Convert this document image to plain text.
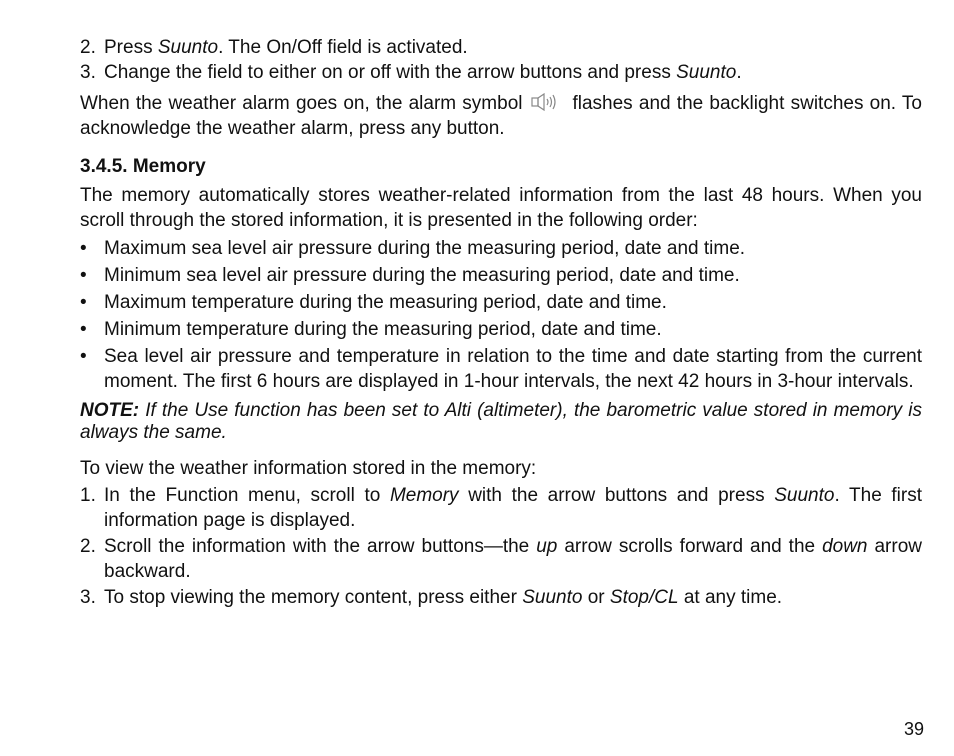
2. Press Suunto. The On/Off field is activated.
3. Change the field to either on or off with the arrow buttons and press Suunto.

When the weather alarm goes on, the alarm symbol	flashes and the backlight switches on. To acknowledge the weather alarm, press any button.

3.4.5. Memory

The memory automatically stores weather-related information from the last 48 hours. When you scroll through the stored information, it is presented in the following order:

• Maximum sea level air pressure during the measuring period, date and time.
• Minimum sea level air pressure during the measuring period, date and time.
• Maximum temperature during the measuring period, date and time.
• Minimum temperature during the measuring period, date and time.
• Sea level air pressure and temperature in relation to the time and date starting from the current moment. The first 6 hours are displayed in 1-hour intervals, the next 42 hours in 3-hour intervals.

NOTE: If the Use function has been set to Alti (altimeter), the barometric value stored in memory is always the same.

To view the weather information stored in the memory:

1. In the Function menu, scroll to Memory with the arrow buttons and press Suunto. The first information page is displayed.
2. Scroll the information with the arrow buttons—the up arrow scrolls forward and the down arrow backward.
3. To stop viewing the memory content, press either Suunto or Stop/CL at any time.
39
